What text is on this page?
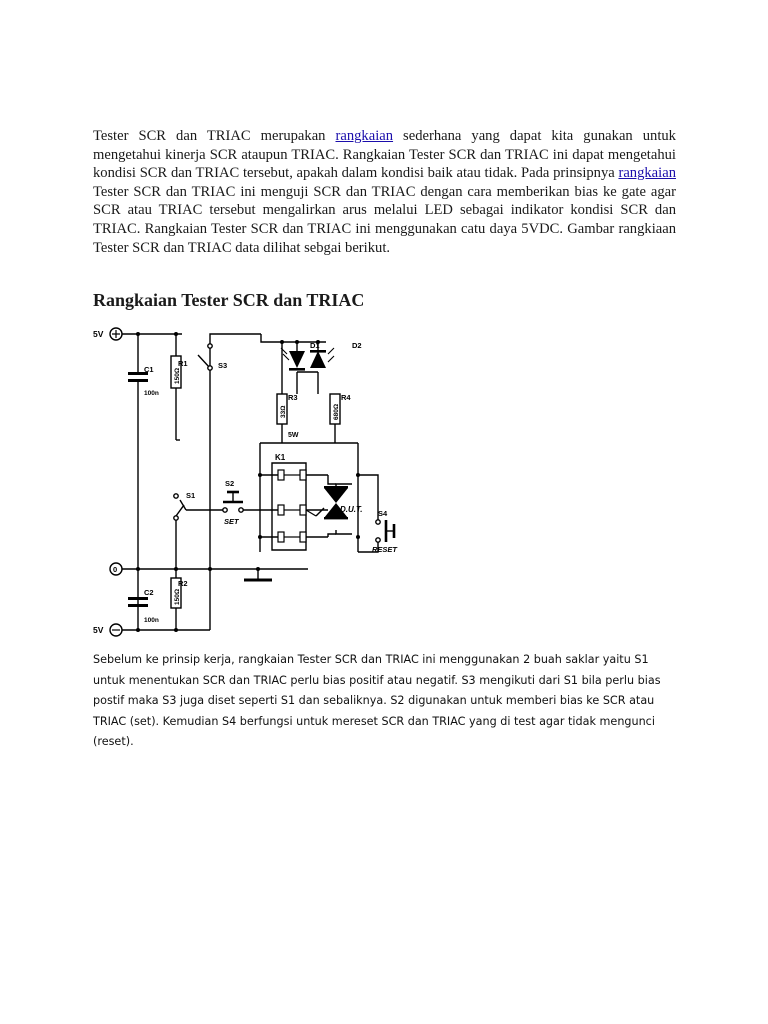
Tester SCR dan TRIAC merupakan rangkaian sederhana yang dapat kita gunakan untuk mengetahui kinerja SCR ataupun TRIAC. Rangkaian Tester SCR dan TRIAC ini dapat mengetahui kondisi SCR dan TRIAC tersebut, apakah dalam kondisi baik atau tidak. Pada prinsipnya rangkaian Tester SCR dan TRIAC ini menguji SCR dan TRIAC dengan cara memberikan bias ke gate agar SCR atau TRIAC tersebut mengalirkan arus melalui LED sebagai indikator kondisi SCR dan TRIAC. Rangkaian Tester SCR dan TRIAC ini menggunakan catu daya 5VDC. Gambar rangkiaan Tester SCR dan TRIAC data dilihat sebgai berikut.

Rangkaian Tester SCR dan TRIAC
5V
0
5V
C1
100n
C2
100n
R1
R2
R3
5W
R4
S3
S1
S2
SET
S4
RESET
D1	D2
K1
D.U.T.
150Ω
150Ω
33Ω	680Ω

Sebelum ke prinsip kerja, rangkaian Tester SCR dan TRIAC ini menggunakan 2 buah saklar yaitu S1 untuk menentukan SCR dan TRIAC perlu bias positif atau negatif. S3 mengikuti dari S1 bila perlu bias postif maka S3 juga diset seperti S1 dan sebaliknya. S2 digunakan untuk memberi bias ke SCR atau TRIAC (set). Kemudian S4 berfungsi untuk mereset SCR dan TRIAC yang di test agar tidak mengunci (reset).
